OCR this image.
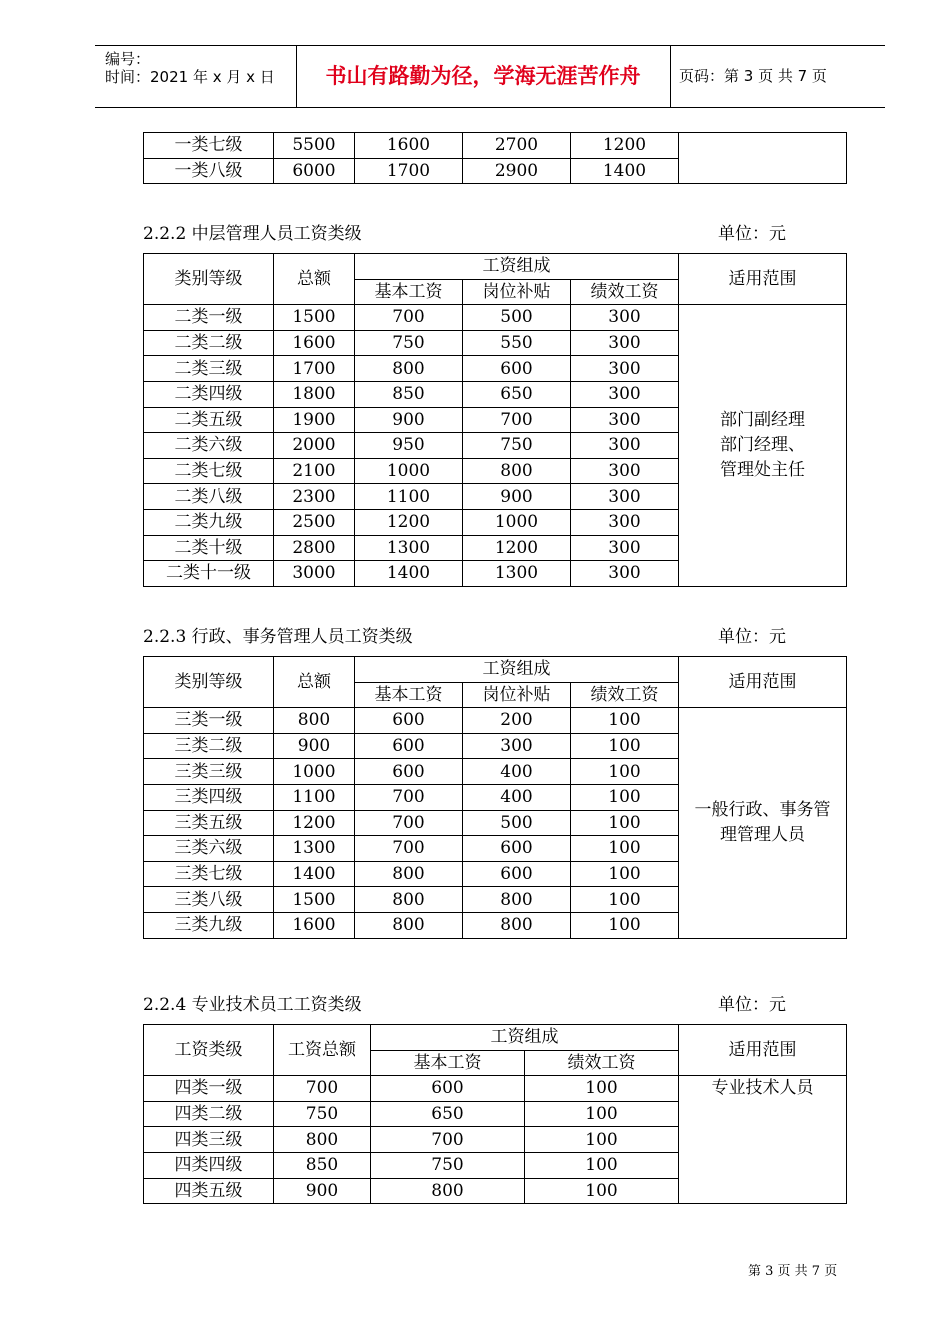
编号：
时间：2021 年 x 月 x 日	书山有路勤为径，学海无涯苦作舟	页码：第 3 页 共 7 页
一类七级	5500	1600	2700	1200	
一类八级	6000	1700	2900	1400	
2.2.2 中层管理人员工资类级	单位：元
类别等级	总额	工资组成			适用范围
		基本工资	岗位补贴	绩效工资	
二类一级	1500	700	500	300	部门副经理
部门经理、
管理处主任

二类二级	1600	750	550	300	
二类三级	1700	800	600	300	
二类四级	1800	850	650	300	
二类五级	1900	900	700	300	
二类六级	2000	950	750	300	
二类七级	2100	1000	800	300	
二类八级	2300	1100	900	300	
二类九级	2500	1200	1000	300	
二类十级	2800	1300	1200	300	
二类十一级	3000	1400	1300	300	
2.2.3 行政、事务管理人员工资类级	单位：元
类别等级	总额	工资组成			适用范围
		基本工资	岗位补贴	绩效工资	
三类一级	800	600	200	100	一般行政、事务管
理管理人员

三类二级	900	600	300	100	
三类三级	1000	600	400	100	
三类四级	1100	700	400	100	
三类五级	1200	700	500	100	
三类六级	1300	700	600	100	
三类七级	1400	800	600	100	
三类八级	1500	800	800	100	
三类九级	1600	800	800	100	
2.2.4 专业技术员工工资类级	单位：元
工资类级	工资总额	工资组成		适用范围
		基本工资	绩效工资	
四类一级	700	600	100	专业技术人员

四类二级	750	650	100	
四类三级	800	700	100	
四类四级	850	750	100	
四类五级	900	800	100	
第 3 页 共 7 页
